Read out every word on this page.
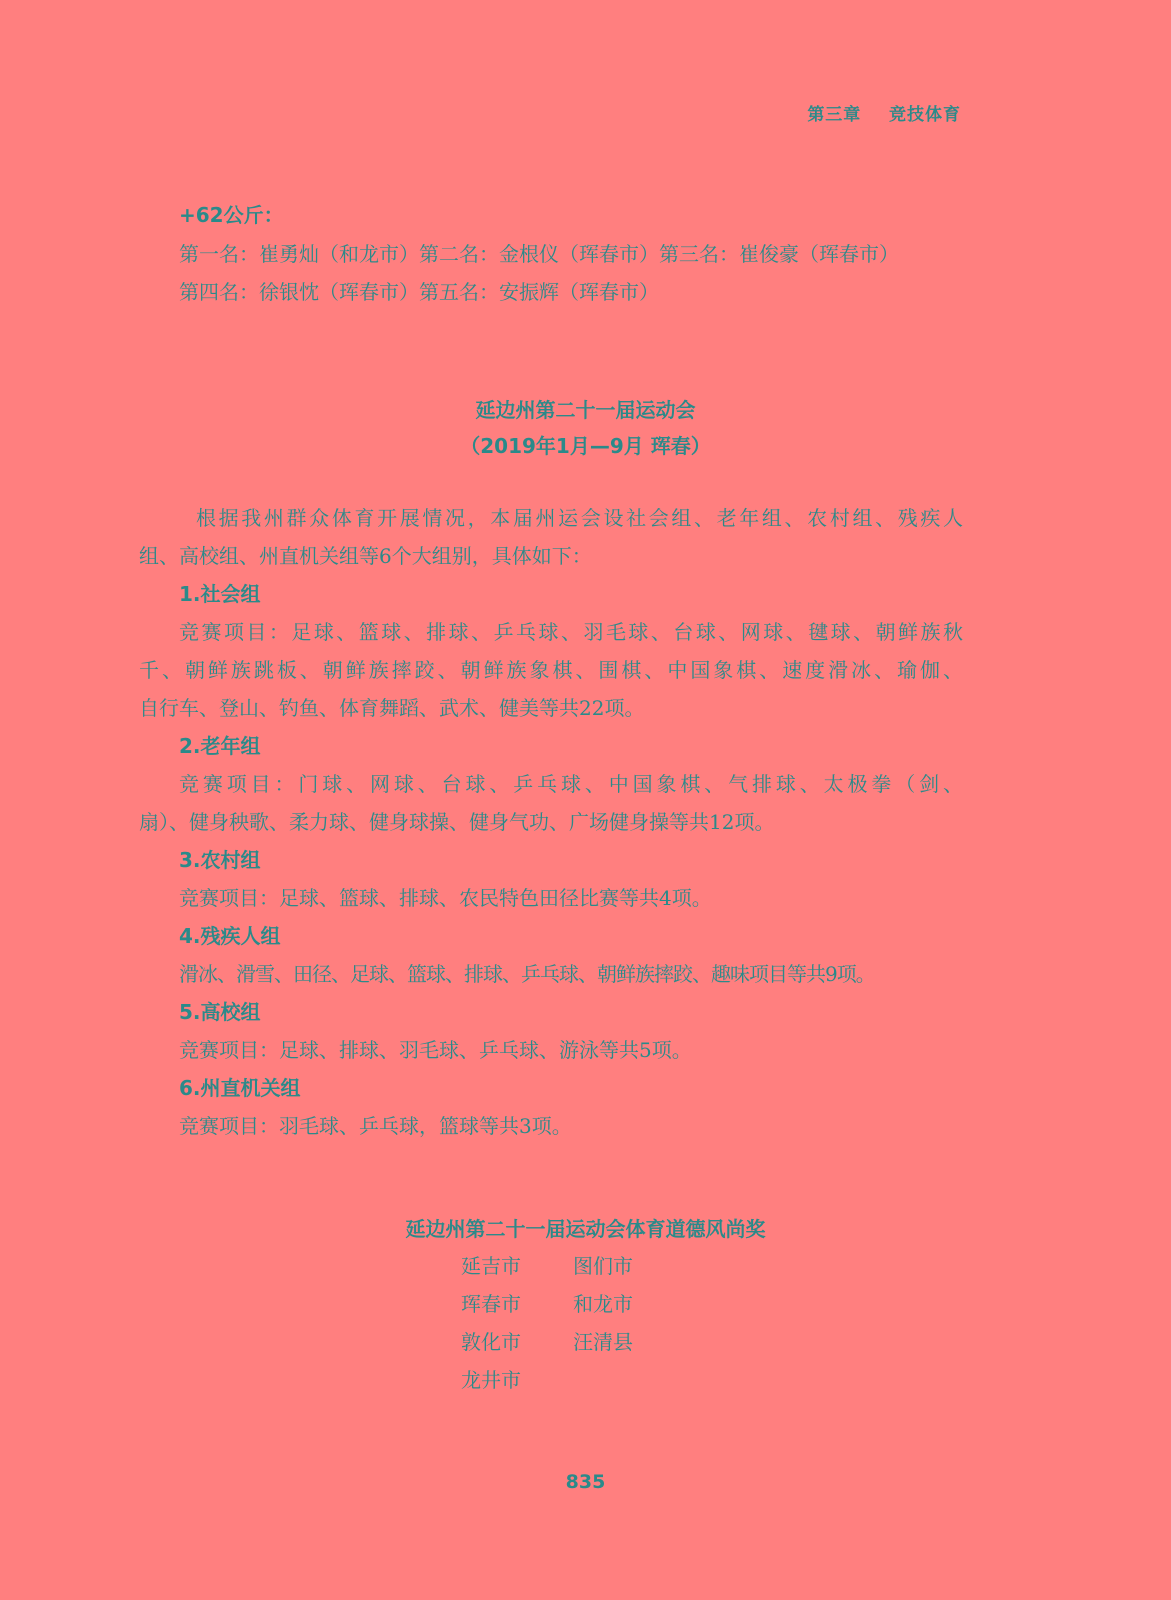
第三章    竞技体育
+62公斤：
第一名：崔勇灿（和龙市）第二名：金根仪（珲春市）第三名：崔俊豪（珲春市）
第四名：徐银忱（珲春市）第五名：安振辉（珲春市）
延边州第二十一届运动会
（2019年1月—9月 珲春）
根据我州群众体育开展情况，本届州运会设社会组、老年组、农村组、残疾人
组、高校组、州直机关组等6个大组别，具体如下：
1.社会组
竞赛项目：足球、篮球、排球、乒乓球、羽毛球、台球、网球、毽球、朝鲜族秋
千、朝鲜族跳板、朝鲜族摔跤、朝鲜族象棋、围棋、中国象棋、速度滑冰、瑜伽、
自行车、登山、钓鱼、体育舞蹈、武术、健美等共22项。
2.老年组
竞赛项目：门球、网球、台球、乒乓球、中国象棋、气排球、太极拳（剑、
扇）、健身秧歌、柔力球、健身球操、健身气功、广场健身操等共12项。
3.农村组
竞赛项目：足球、篮球、排球、农民特色田径比赛等共4项。
4.残疾人组
滑冰、滑雪、田径、足球、篮球、排球、乒乓球、朝鲜族摔跤、趣味项目等共9项。
5.高校组
竞赛项目：足球、排球、羽毛球、乒乓球、游泳等共5项。
6.州直机关组
竞赛项目：羽毛球、乒乓球，篮球等共3项。
延边州第二十一届运动会体育道德风尚奖
延吉市	图们市
珲春市	和龙市
敦化市	汪清县
龙井市
835
